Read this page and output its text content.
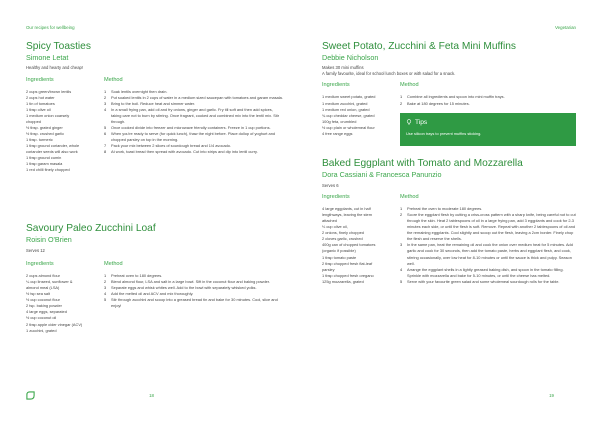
Our recipes for wellbeing
Spicy Toasties
Simone Letat
Healthy and hearty and cheap!
Ingredients
2 cups green/brown lentils
2 cups hot water
1 tin of tomatoes
1 tbsp olive oil
1 medium onion coarsely
chopped
½ tbsp. grated ginger
½ tbsp. crushed garlic
1 tbsp. turmeric
1 tbsp ground coriander, whole
coriander seeds will also work
1 tbsp ground cumin
1 tbsp garam masala
1 red chilli finely chopped
Method
1	Soak lentils overnight then drain.
2	Put soaked lentils in 2 cups of water in a medium sized saucepan with tomatoes and garam masala.
3	Bring to the boil. Reduce heat and simmer water.
4	In a small frying pan, add oil and fry onions, ginger and garlic. Fry till soft and then add spices, taking care not to burn by stirring. Once fragrant, cooked and combined mix into the lentil mix. Stir through.
5	Once cooked divide into freezer and microwave friendly containers. Freeze in 1 cup portions.
6	When you're ready to serve (for quick lunch), thaw the night before. Place dollop of yoghurt and chopped parsley on top in the morning.
7	Pack your mix between 2 slices of sourdough bread and 1/4 avocado.
8	At work, toast bread then spread with avocado. Cut into strips and dip into lentil curry.
Savoury Paleo Zucchini Loaf
Roisin O'Brien
Serves 12
Ingredients
2 cups almond flour
¼ cup linseed, sunflower &
almond meal (LSA)
½ tsp sea salt
½ cup coconut flour
2 tsp. baking powder
4 large eggs, separated
½ cup coconut oil
2 tbsp apple cider vinegar (ACV)
1 zucchini, grated
Method
1	Preheat oven to 180 degrees.
2	Blend almond flour, LSA and salt in a large bowl. Sift in the coconut flour and baking powder.
3	Separate eggs and whisk whites well. Add to the bowl with separately whisked yolks.
4	Add the melted oil and ACV and mix thoroughly.
5	Stir through zucchini and scoop into a greased bread tin and bake for 30 minutes. Cool, slice and enjoy!
18
Vegetarian
Sweet Potato, Zucchini & Feta Mini Muffins
Debbie Nicholson
Makes 30 mini muffins
A family favourite, ideal for school lunch boxes or with salad for a snack.
Ingredients
1 medium sweet potato, grated
1 medium zucchini, grated
1 medium red onion, grated
¾ cup cheddar cheese, grated
100g feta, crumbled
½ cup plain or wholemeal flour
4 free range eggs
Method
1	Combine all ingredients and spoon into mini muffin trays.
2	Bake at 180 degrees for 15 minutes.
Tips
Use silicon trays to prevent muffins sticking.
Baked Eggplant with Tomato and Mozzarella
Dora Cassiani & Francesca Panunzio
Serves 6
Ingredients
4 large eggplants, cut in half
lengthways, leaving the stem
attached
⅓ cup olive oil,
2 onions, finely chopped
2 cloves garlic, crushed
400g can of chopped tomatoes
(organic if possible)
1 tbsp tomato paste
2 tbsp chopped fresh flat-leaf
parsley
1 tbsp chopped fresh oregano
125g mozzarella, grated
Method
1	Preheat the oven to moderate 180 degrees.
2	Score the eggplant flesh by cutting a criss-cross pattern with a sharp knife, being careful not to cut through the skin. Heat 2 tablespoons of oil in a large frying pan, add 3 eggplants and cook for 2-3 minutes each side, or until the flesh is soft. Remove. Repeat with another 2 tablespoons of oil and the remaining eggplants. Cool slightly and scoop out the flesh, leaving a 2cm border. Finely chop the flesh and reserve the shells.
3	In the same pan, heat the remaining oil and cook the onion over medium heat for 5 minutes. Add garlic and cook for 30 seconds, then add the tomato paste, herbs and eggplant flesh, and cook, stirring occasionally, over low heat for 8-10 minutes or until the sauce is thick and pulpy. Season well.
4	Arrange the eggplant shells in a lightly greased baking dish, and spoon in the tomato filling. Sprinkle with mozzarella and bake for 5-10 minutes, or until the cheese has melted.
5	Serve with your favourite green salad and some wholemeal sourdough rolls for the table.
19
